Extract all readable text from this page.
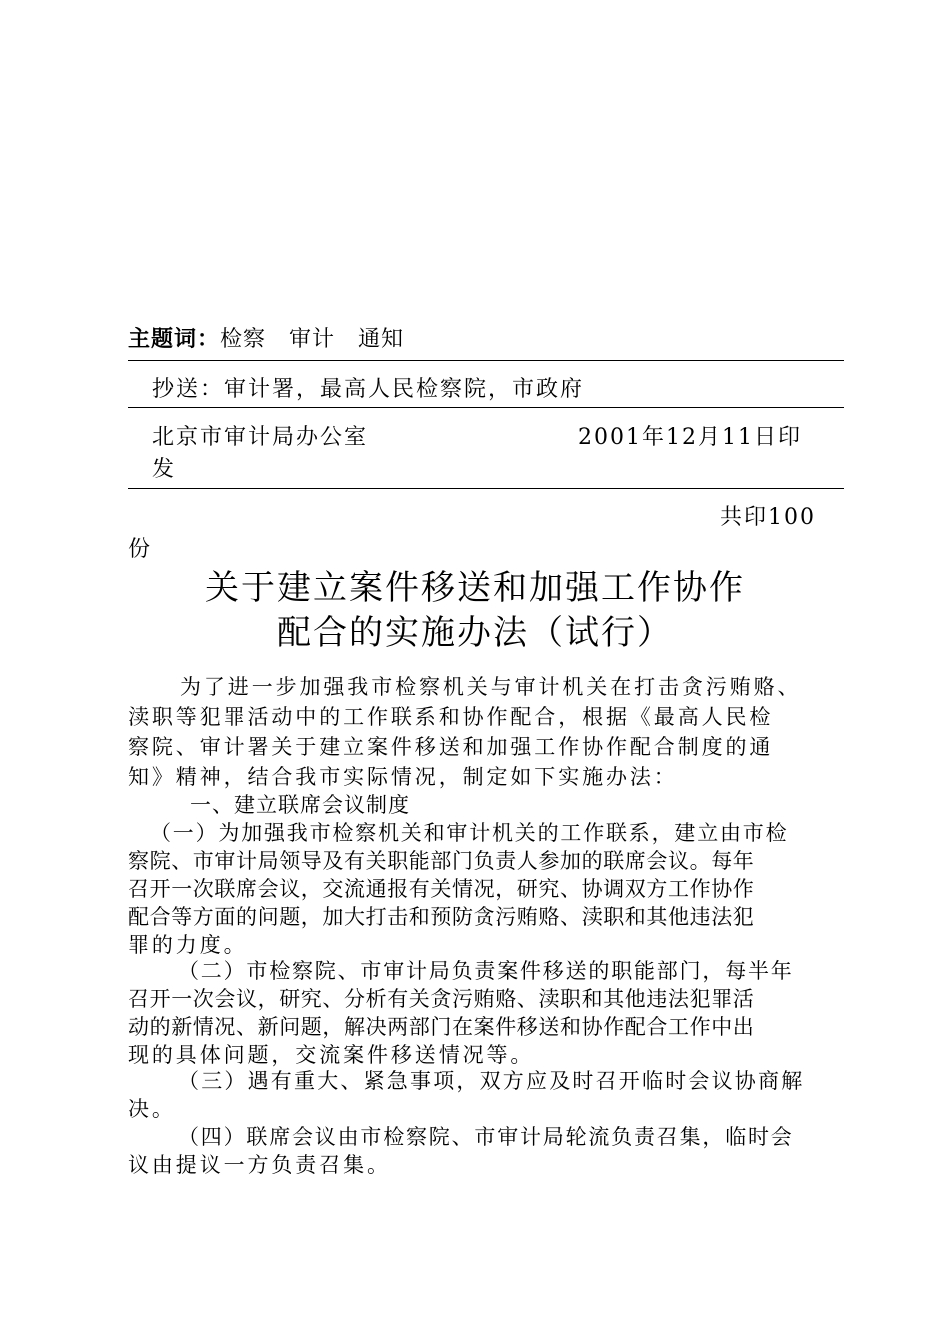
主题词：检察　审计　通知
抄送：审计署，最高人民检察院，市政府
北京市审计局办公室	2001年12月11日印
发
共印100
份
关于建立案件移送和加强工作协作
配合的实施办法（试行）
为了进一步加强我市检察机关与审计机关在打击贪污贿赂、
渎职等犯罪活动中的工作联系和协作配合，根据《最高人民检
察院、审计署关于建立案件移送和加强工作协作配合制度的通
知》精神，结合我市实际情况，制定如下实施办法：
一、建立联席会议制度
（一）为加强我市检察机关和审计机关的工作联系，建立由市检
察院、市审计局领导及有关职能部门负责人参加的联席会议。每年
召开一次联席会议，交流通报有关情况，研究、协调双方工作协作
配合等方面的问题，加大打击和预防贪污贿赂、渎职和其他违法犯
罪的力度。
（二）市检察院、市审计局负责案件移送的职能部门，每半年
召开一次会议，研究、分析有关贪污贿赂、渎职和其他违法犯罪活
动的新情况、新问题，解决两部门在案件移送和协作配合工作中出
现的具体问题，交流案件移送情况等。
（三）遇有重大、紧急事项，双方应及时召开临时会议协商解
决。
（四）联席会议由市检察院、市审计局轮流负责召集，临时会
议由提议一方负责召集。
